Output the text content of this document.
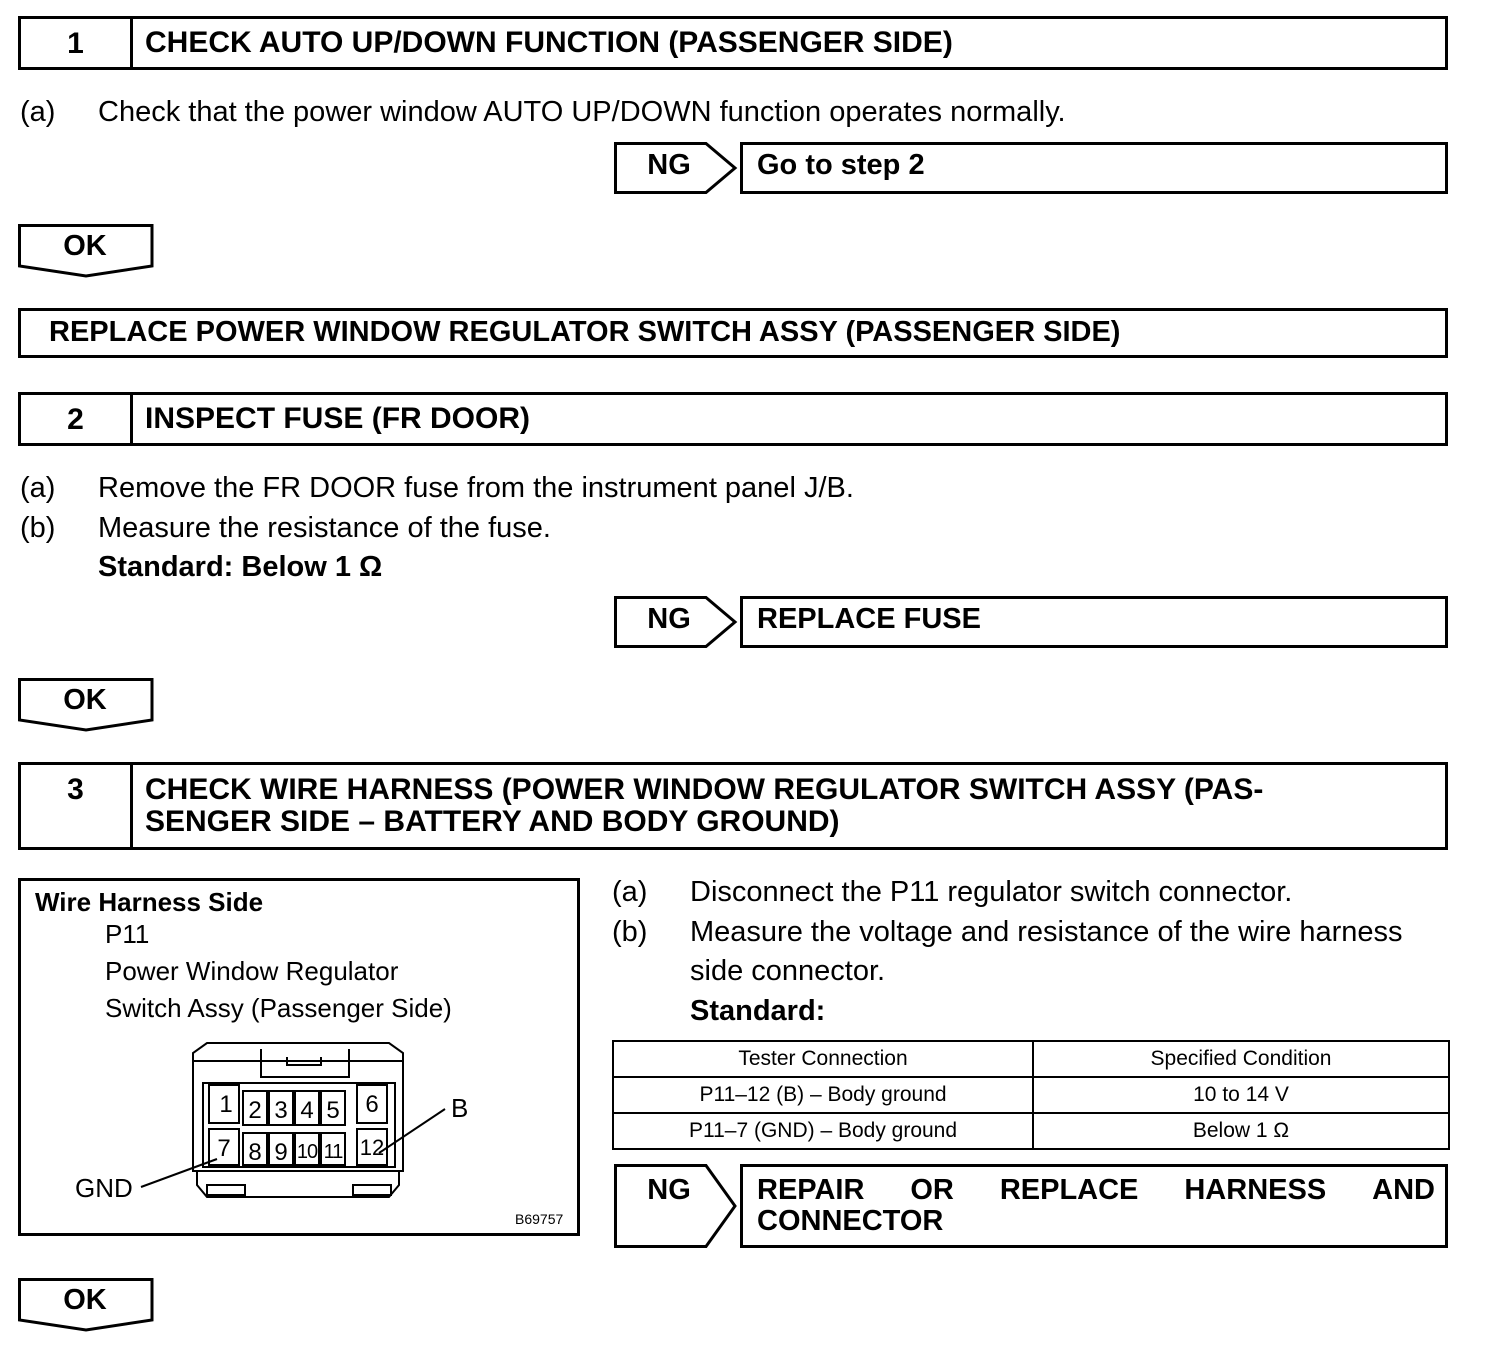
1	CHECK AUTO UP/DOWN FUNCTION (PASSENGER SIDE)
(a) Check that the power window AUTO UP/DOWN function operates normally.
NG	Go to step 2
OK
REPLACE POWER WINDOW REGULATOR SWITCH ASSY (PASSENGER SIDE)
2	INSPECT FUSE (FR DOOR)
(a) Remove the FR DOOR fuse from the instrument panel J/B.
(b) Measure the resistance of the fuse.
Standard: Below 1 Ω
NG	REPLACE FUSE
OK
3	CHECK WIRE HARNESS (POWER WINDOW REGULATOR SWITCH ASSY (PAS-
SENGER SIDE – BATTERY AND BODY GROUND)
Wire Harness Side
P11
Power Window Regulator
Switch Assy (Passenger Side)
1 2 3 4 5 6
7 8 9 10 11 12
B
GND
B69757
(a) Disconnect the P11 regulator switch connector.
(b) Measure the voltage and resistance of the wire harness
side connector.
Standard:
Tester Connection	Specified Condition
P11–12 (B) – Body ground	10 to 14 V
P11–7 (GND) – Body ground	Below 1 Ω
NG	REPAIR OR REPLACE HARNESS AND
CONNECTOR
OK
